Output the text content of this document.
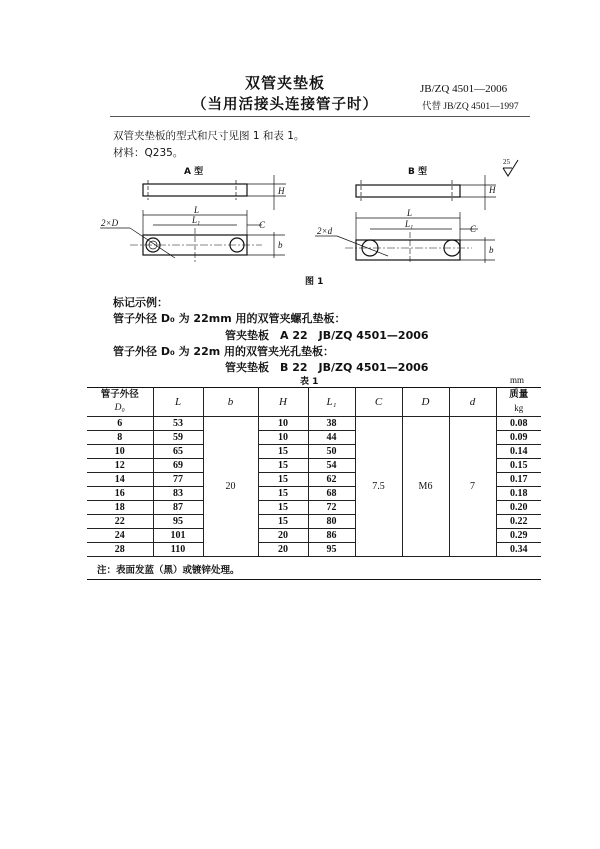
双管夹垫板
（当用活接头连接管子时）
JB/ZQ 4501—2006
代替 JB/ZQ 4501—1997
双管夹垫板的型式和尺寸见图 1 和表 1。
材料：Q235。
L
L₁	C
H
b
2×D
L
L₁	C
H
b
2×d
25
A 型	B 型
图 1
标记示例：
管子外径 D₀ 为 22mm 用的双管夹螺孔垫板：
管夹垫板　A 22　JB/ZQ 4501—2006
管子外径 D₀ 为 22m 用的双管夹光孔垫板：
管夹垫板　B 22　JB/ZQ 4501—2006
表 1	mm
管子外径
D₀	L	b	H	L₁	C	D	d	质量
kg
6	53	20	10	38	7.5	M6	7	0.08
8	59		10	44				0.09
10	65		15	50				0.14
12	69		15	54				0.15
14	77		15	62				0.17
16	83		15	68				0.18
18	87		15	72				0.20
22	95		15	80				0.22
24	101		20	86				0.29
28	110		20	95				0.34
注：表面发蓝（黑）或镀锌处理。
